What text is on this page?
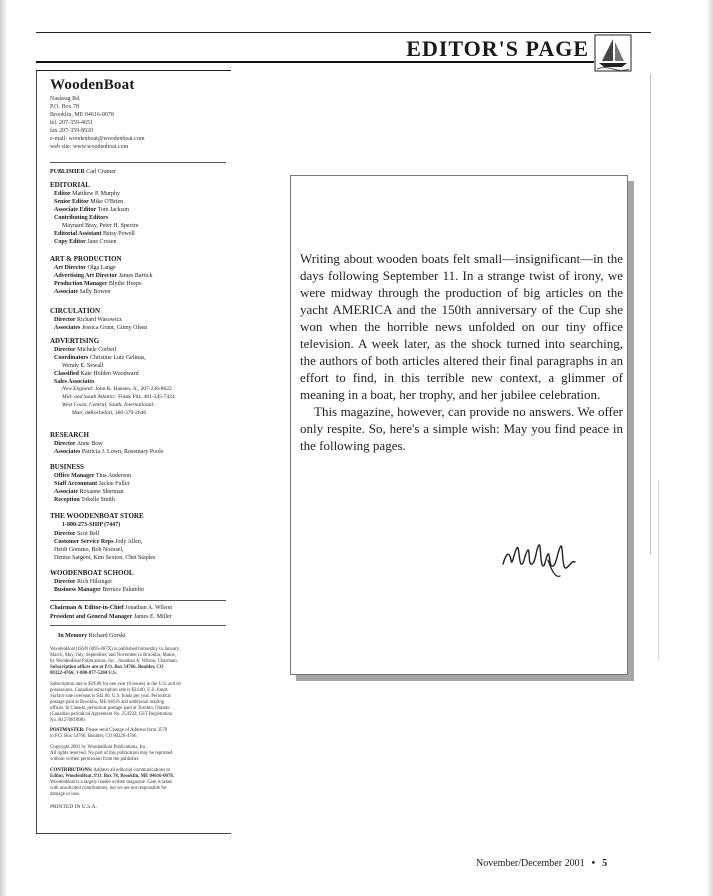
EDITOR'S PAGE
WoodenBoat
Naskeag Rd.
P.O. Box 78
Brooklin, ME 04616-0078
tel. 207-359-4651
fax 207-359-8920
e-mail: woodenboat@woodenboat.com
web site: www.woodenboat.com
PUBLISHER Carl Cramer
EDITORIAL
Editor Matthew P. Murphy
Senior Editor Mike O'Brien
Associate Editor Tom Jackson
Contributing Editors
Maynard Bray, Peter H. Spectre
Editorial Assistant Betsy Powell
Copy Editor Jane Crosen
ART & PRODUCTION
Art Director Olga Lange
Advertising Art Director James Bartick
Production Manager Blythe Heepe
Associate Sally Bowen
CIRCULATION
Director Richard Wasowicz
Associates Jessica Grant, Ginny Olsen
ADVERTISING
Director Michele Corbeil
Coordinators Christine Lutz Gelinas,
Wendy E. Sewall
Classified Kate Holden Woodward
Sales Associates
New England: John K. Hansen, Jr., 207-236-8622
Mid- and South Atlantic: Frank Fitz, 401-245-7424
West Coast, Central, South, International:
Marc deRochefort, 360-379-2646
RESEARCH
Director Anne Bray
Associates Patricia J. Lown, Rosemary Poole
BUSINESS
Office Manager Tina Anderson
Staff Accountant Jackie Fuller
Associate Roxanne Sherman
Reception Tobelle Smith
THE WOODENBOAT STORE
1-800-273-SHIP (7447)
Director Scot Bell
Customer Service Reps Jody Allen,
Heidi Gommo, Bob Noessel,
Denise Sargent, Kim Sexton, Chet Staples
WOODENBOAT SCHOOL
Director Rich Hilsinger
Business Manager Bernice Palumbo
Chairman & Editor-in-Chief Jonathan A. Wilson
President and General Manager James E. Miller
In Memory Richard Gorski
WoodenBoat (ISSN 0095-067X) is published bimonthly in January,
March, May, July, September, and November in Brooklin, Maine,
by WoodenBoat Publications, Inc., Jonathan A. Wilson, Chairman.
Subscription offices are at P.O. Box 54766, Boulder, CO
80322-4766; 1-800-877-5284 U.S.
Subscription rate is $29.00 for one year (6 issues) in the U.S. and its
possessions. Canadian subscription rate is $34.00, U.S. funds.
Surface rate overseas is $42.00, U.S. funds per year. Periodical
postage paid at Brooklin, ME 04616 and additional mailing
offices. In Canada, periodical postage paid at Toronto, Ontario
(Canadian periodical Agreement No. 254592; GST Registration
No. R127081008).
POSTMASTER: Please send Change of Address form 3579
to P.O. Box 54766, Boulder, CO 80328-4766.
Copyright 2001 by WoodenBoat Publications, Inc.
All rights reserved. No part of this publication may be reprinted
without written permission from the publisher.
CONTRIBUTIONS: Address all editorial communications to
Editor, WoodenBoat, P.O. Box 78, Brooklin, ME 04616-0078.
WoodenBoat is a largely reader-written magazine. Care is taken
with unsolicited contributions, but we are not responsible for
damage or loss.
PRINTED IN U.S.A.

Writing about wooden boats felt small—insignificant—in the days following September 11. In a strange twist of irony, we were midway through the production of big articles on the yacht AMERICA and the 150th anniversary of the Cup she won when the horrible news unfolded on our tiny office television. A week later, as the shock turned into searching, the authors of both articles altered their final paragraphs in an effort to find, in this terrible new context, a glimmer of meaning in a boat, her trophy, and her jubilee celebration.

This magazine, however, can provide no answers. We offer only respite. So, here's a simple wish: May you find peace in the following pages.

November/December 2001 • 5
